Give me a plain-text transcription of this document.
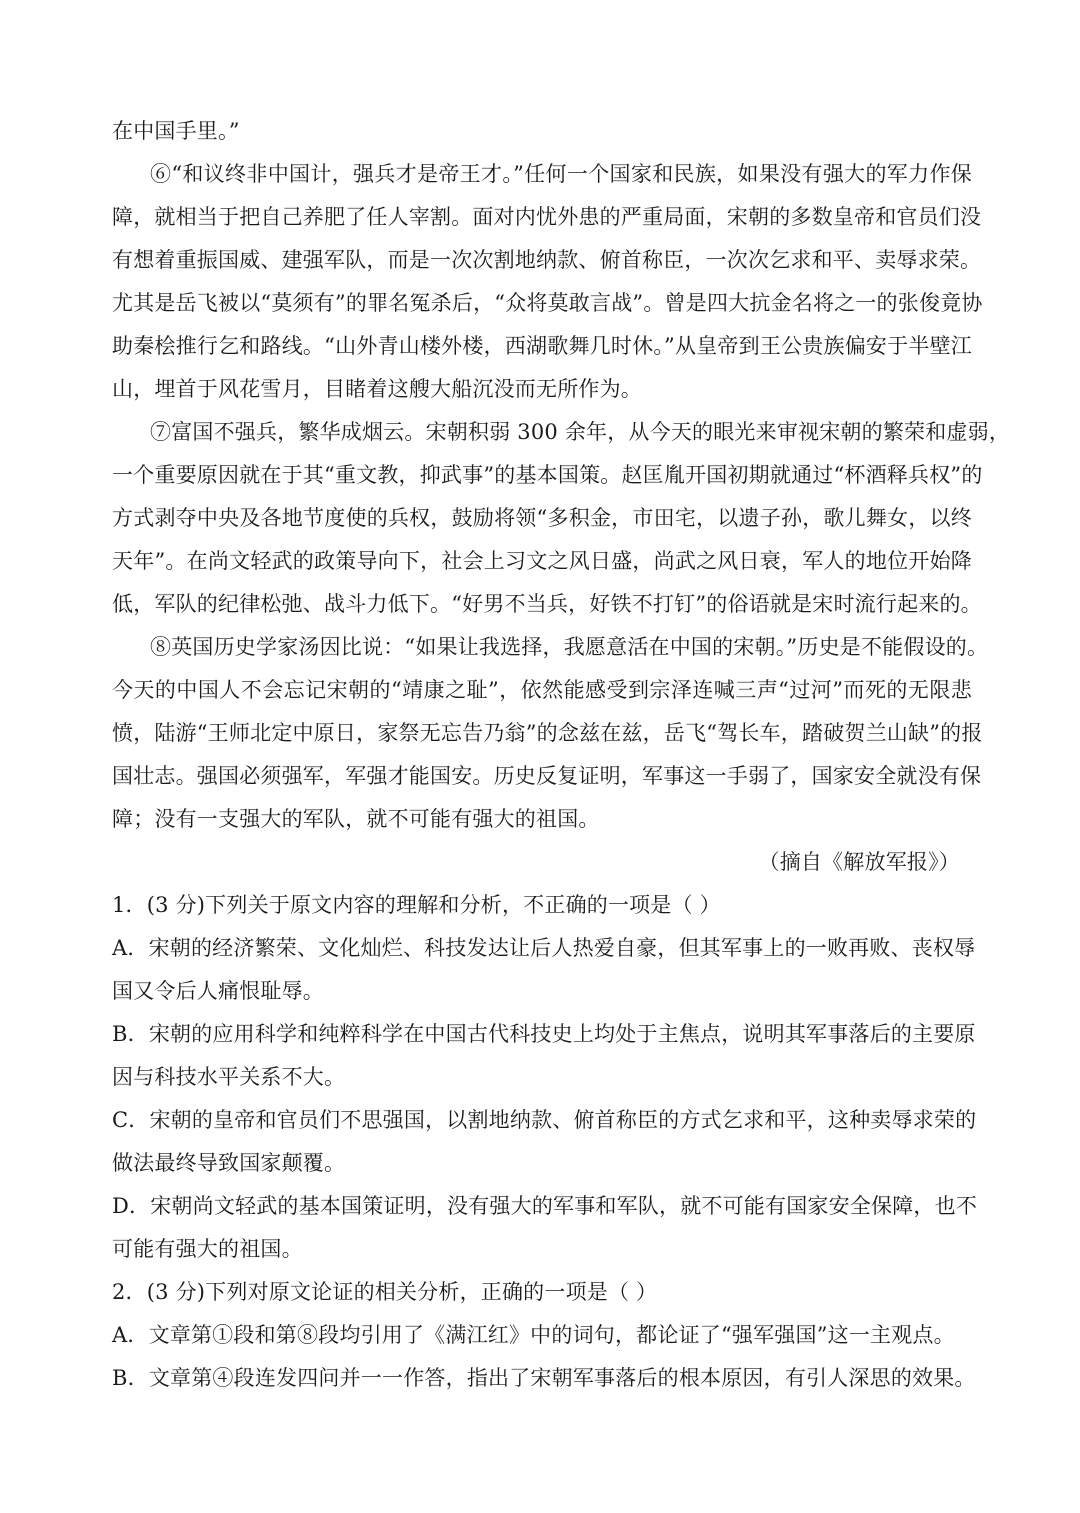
在中国手里。”
⑥“和议终非中国计，强兵才是帝王才。”任何一个国家和民族，如果没有强大的军力作保
障，就相当于把自己养肥了任人宰割。面对内忧外患的严重局面，宋朝的多数皇帝和官员们没
有想着重振国威、建强军队，而是一次次割地纳款、俯首称臣，一次次乞求和平、卖辱求荣。
尤其是岳飞被以“莫须有”的罪名冤杀后，“众将莫敢言战”。曾是四大抗金名将之一的张俊竟协
助秦桧推行乞和路线。“山外青山楼外楼，西湖歌舞几时休。”从皇帝到王公贵族偏安于半壁江
山，埋首于风花雪月，目睹着这艘大船沉没而无所作为。
⑦富国不强兵，繁华成烟云。宋朝积弱 300 余年，从今天的眼光来审视宋朝的繁荣和虚弱，
一个重要原因就在于其“重文教，抑武事”的基本国策。赵匡胤开国初期就通过“杯酒释兵权”的
方式剥夺中央及各地节度使的兵权，鼓励将领“多积金，市田宅，以遗子孙，歌儿舞女，以终
天年”。在尚文轻武的政策导向下，社会上习文之风日盛，尚武之风日衰，军人的地位开始降
低，军队的纪律松弛、战斗力低下。“好男不当兵，好铁不打钉”的俗语就是宋时流行起来的。
⑧英国历史学家汤因比说：“如果让我选择，我愿意活在中国的宋朝。”历史是不能假设的。
今天的中国人不会忘记宋朝的“靖康之耻”，依然能感受到宗泽连喊三声“过河”而死的无限悲
愤，陆游“王师北定中原日，家祭无忘告乃翁”的念兹在兹，岳飞“驾长车，踏破贺兰山缺”的报
国壮志。强国必须强军，军强才能国安。历史反复证明，军事这一手弱了，国家安全就没有保
障；没有一支强大的军队，就不可能有强大的祖国。
（摘自《解放军报》）
1．(3 分)下列关于原文内容的理解和分析，不正确的一项是（ ）
A．宋朝的经济繁荣、文化灿烂、科技发达让后人热爱自豪，但其军事上的一败再败、丧权辱
国又令后人痛恨耻辱。
B．宋朝的应用科学和纯粹科学在中国古代科技史上均处于主焦点，说明其军事落后的主要原
因与科技水平关系不大。
C．宋朝的皇帝和官员们不思强国，以割地纳款、俯首称臣的方式乞求和平，这种卖辱求荣的
做法最终导致国家颠覆。
D．宋朝尚文轻武的基本国策证明，没有强大的军事和军队，就不可能有国家安全保障，也不
可能有强大的祖国。
2．(3 分)下列对原文论证的相关分析，正确的一项是（ ）
A．文章第①段和第⑧段均引用了《满江红》中的词句，都论证了“强军强国”这一主观点。
B．文章第④段连发四问并一一作答，指出了宋朝军事落后的根本原因，有引人深思的效果。
